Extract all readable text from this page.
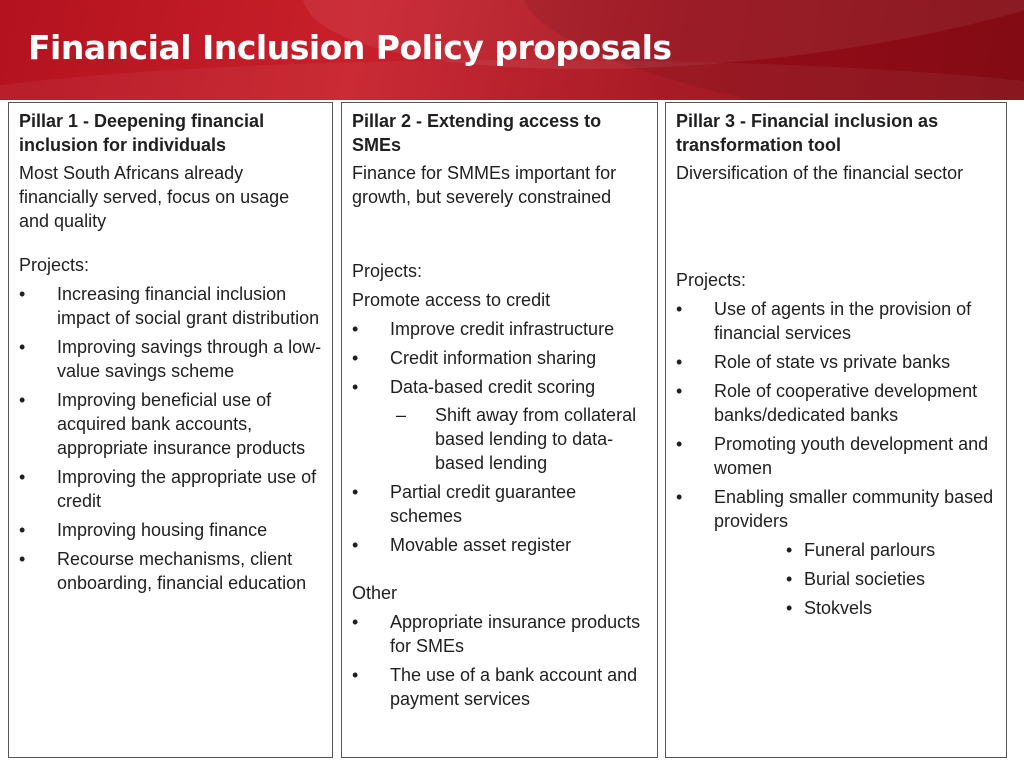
Financial Inclusion Policy proposals
Pillar 1 - Deepening financial inclusion for individuals
Most South Africans already financially served, focus on usage and quality
Projects:
• Increasing financial inclusion impact of social grant distribution
• Improving savings through a low-value savings scheme
• Improving beneficial use of acquired bank accounts, appropriate insurance products
• Improving the appropriate use of credit
• Improving housing finance
• Recourse mechanisms, client onboarding, financial education
Pillar 2 - Extending access to SMEs
Finance for SMMEs important for growth, but severely constrained
Projects:
Promote access to credit
• Improve credit infrastructure
• Credit information sharing
• Data-based credit scoring
– Shift away from collateral based lending to data-based lending
• Partial credit guarantee schemes
• Movable asset register
Other
• Appropriate insurance products for SMEs
• The use of a bank account and payment services
Pillar 3 - Financial inclusion as transformation tool
Diversification of the financial sector
Projects:
• Use of agents in the provision of financial services
• Role of state vs private banks
• Role of cooperative development banks/dedicated banks
• Promoting youth development and women
• Enabling smaller community based providers
• Funeral parlours
• Burial societies
• Stokvels
